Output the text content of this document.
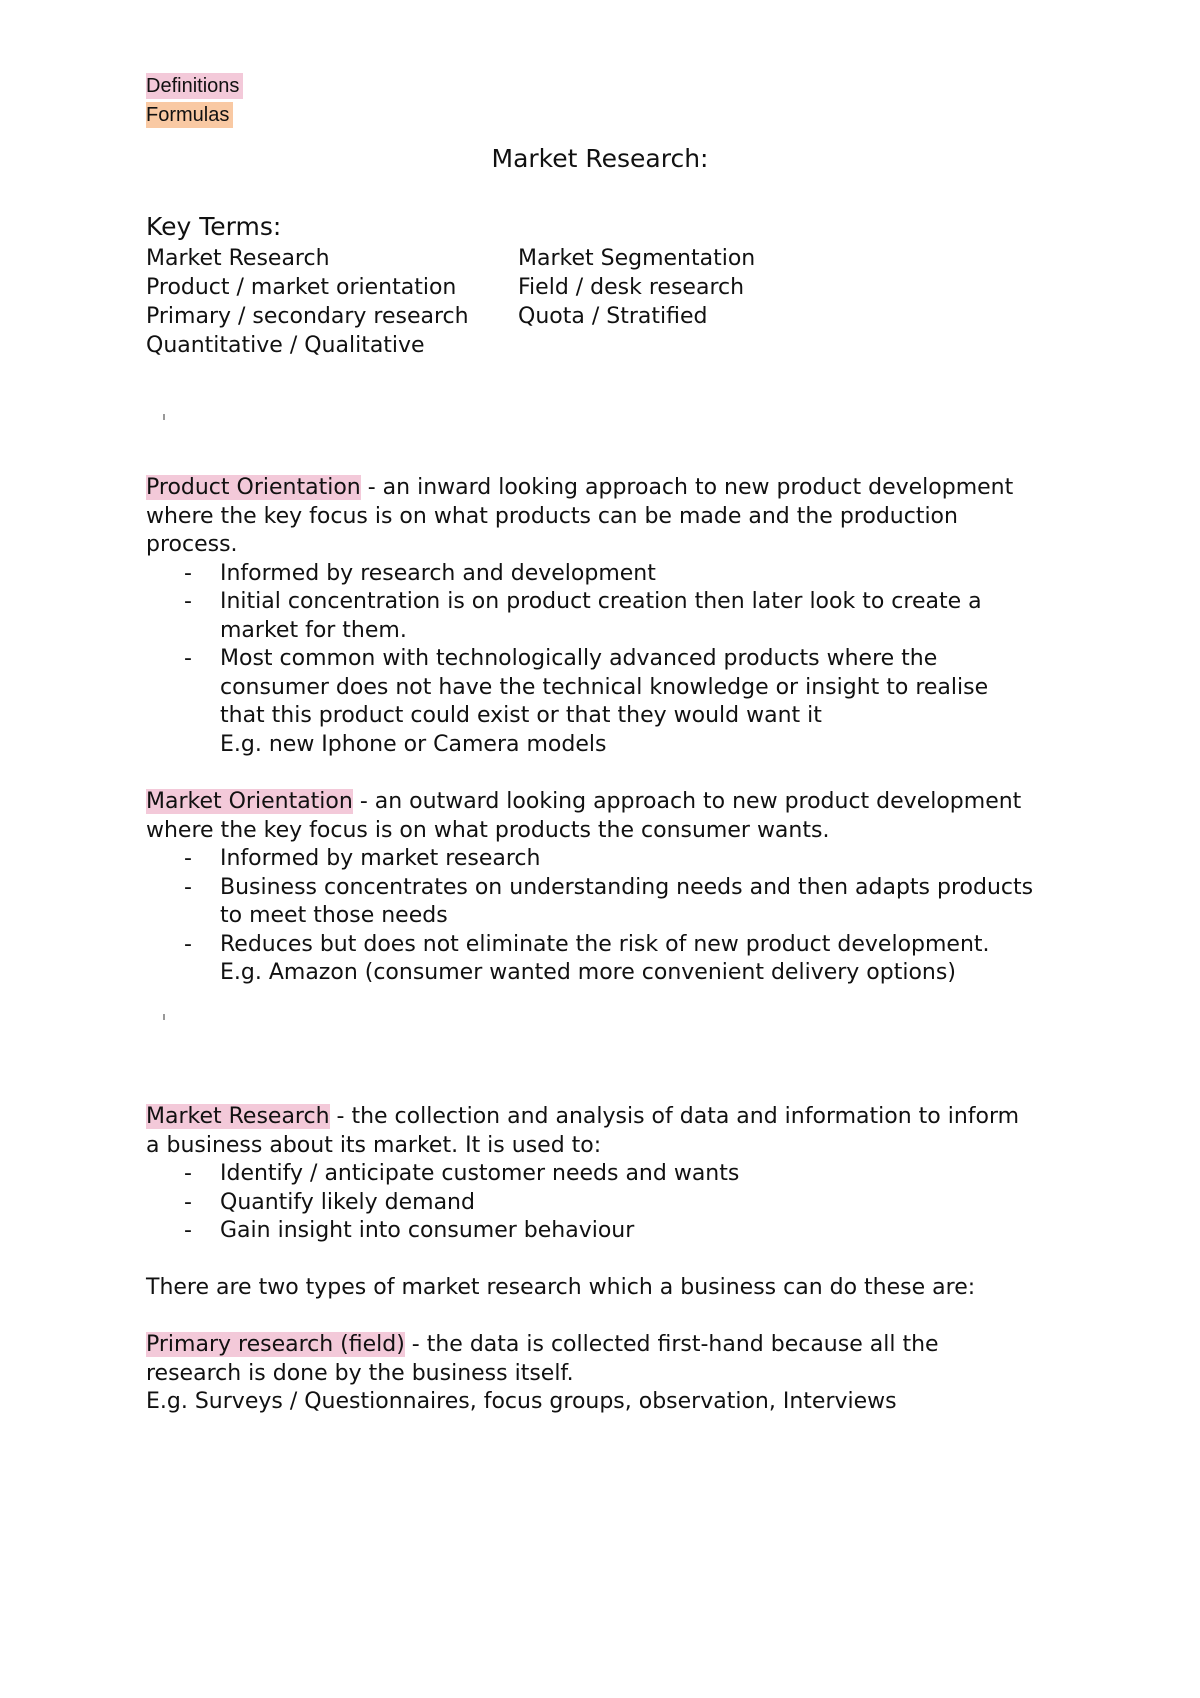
Definitions
Formulas
Market Research:
Key Terms:
Market Research
Product / market orientation
Primary / secondary research
Quantitative / Qualitative
Market Segmentation
Field / desk research
Quota / Stratified
Product Orientation - an inward looking approach to new product development where the key focus is on what products can be made and the production process.
- Informed by research and development
- Initial concentration is on product creation then later look to create a market for them.
- Most common with technologically advanced products where the consumer does not have the technical knowledge or insight to realise that this product could exist or that they would want it
E.g. new Iphone or Camera models
Market Orientation - an outward looking approach to new product development where the key focus is on what products the consumer wants.
- Informed by market research
- Business concentrates on understanding needs and then adapts products to meet those needs
- Reduces but does not eliminate the risk of new product development.
E.g. Amazon (consumer wanted more convenient delivery options)
Market Research - the collection and analysis of data and information to inform a business about its market. It is used to:
- Identify / anticipate customer needs and wants
- Quantify likely demand
- Gain insight into consumer behaviour
There are two types of market research which a business can do these are:
Primary research (field) - the data is collected first-hand because all the research is done by the business itself.
E.g. Surveys / Questionnaires, focus groups, observation, Interviews
